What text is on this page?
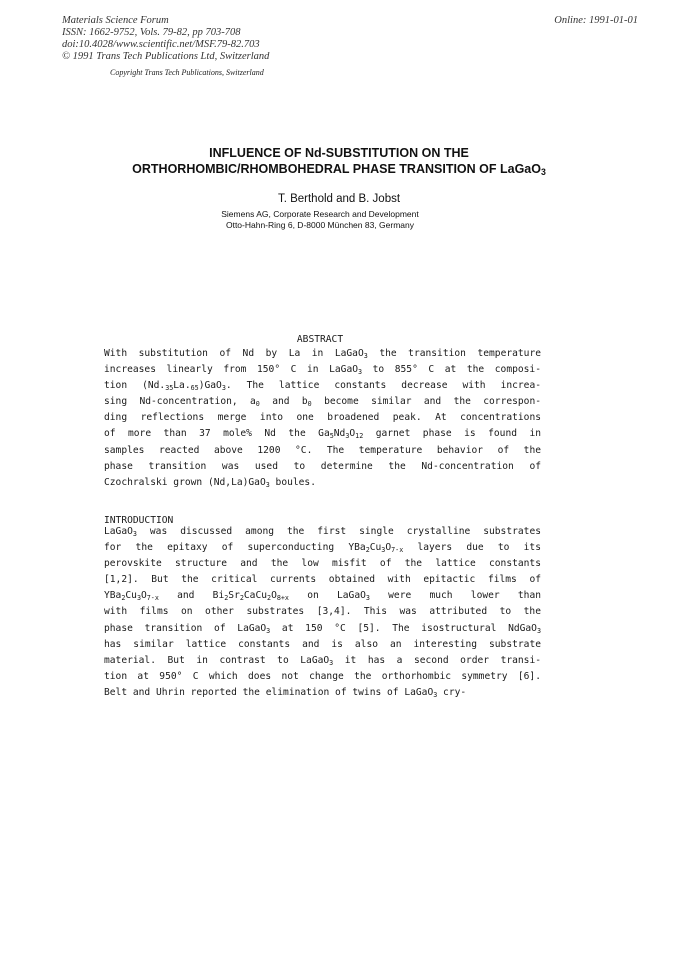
Materials Science Forum
ISSN: 1662-9752, Vols. 79-82, pp 703-708
doi:10.4028/www.scientific.net/MSF.79-82.703
© 1991 Trans Tech Publications Ltd, Switzerland
Online: 1991-01-01
Copyright Trans Tech Publications, Switzerland
INFLUENCE OF Nd-SUBSTITUTION ON THE
ORTHORHOMBIC/RHOMBOHEDRAL PHASE TRANSITION OF LaGaO$_3$
T. Berthold and B. Jobst
Siemens AG, Corporate Research and Development
Otto-Hahn-Ring 6, D-8000 München 83, Germany
ABSTRACT
With substitution of Nd by La in LaGaO$_3$ the transition temperature
increases linearly from 150° C in LaGaO$_3$ to 855° C at the composi-
tion $(Nd._{35}La._{65})GaO_3$. The lattice constants decrease with increa-
sing Nd-concentration, $a_0$ and $b_0$ become similar and the correspon-
ding reflections merge into one broadened peak. At concentrations
of more than 37 mole% Nd the $Ga_5Nd_3O_{12}$ garnet phase is found in
samples reacted above 1200 °C. The temperature behavior of the
phase transition was used to determine the Nd-concentration of
Czochralski grown (Nd,La)GaO$_3$ boules.
INTRODUCTION
LaGaO$_3$ was discussed among the first single crystalline substrates
for the epitaxy of superconducting $YBa_2Cu_3O_{7-x}$ layers due to its
perovskite structure and the low misfit of the lattice constants
[1,2]. But the critical currents obtained with epitactic films of
$YBa_2Cu_3O_{7-x}$ and $Bi_2Sr_2CaCu_2O_{8+x}$ on LaGaO$_3$ were much lower than
with films on other substrates [3,4]. This was attributed to the
phase transition of LaGaO$_3$ at 150 °C [5]. The isostructural NdGaO$_3$
has similar lattice constants and is also an interesting substrate
material. But in contrast to LaGaO$_3$ it has a second order transi-
tion at 950° C which does not change the orthorhombic symmetry [6].
Belt and Uhrin reported the elimination of twins of LaGaO$_3$ cry-
